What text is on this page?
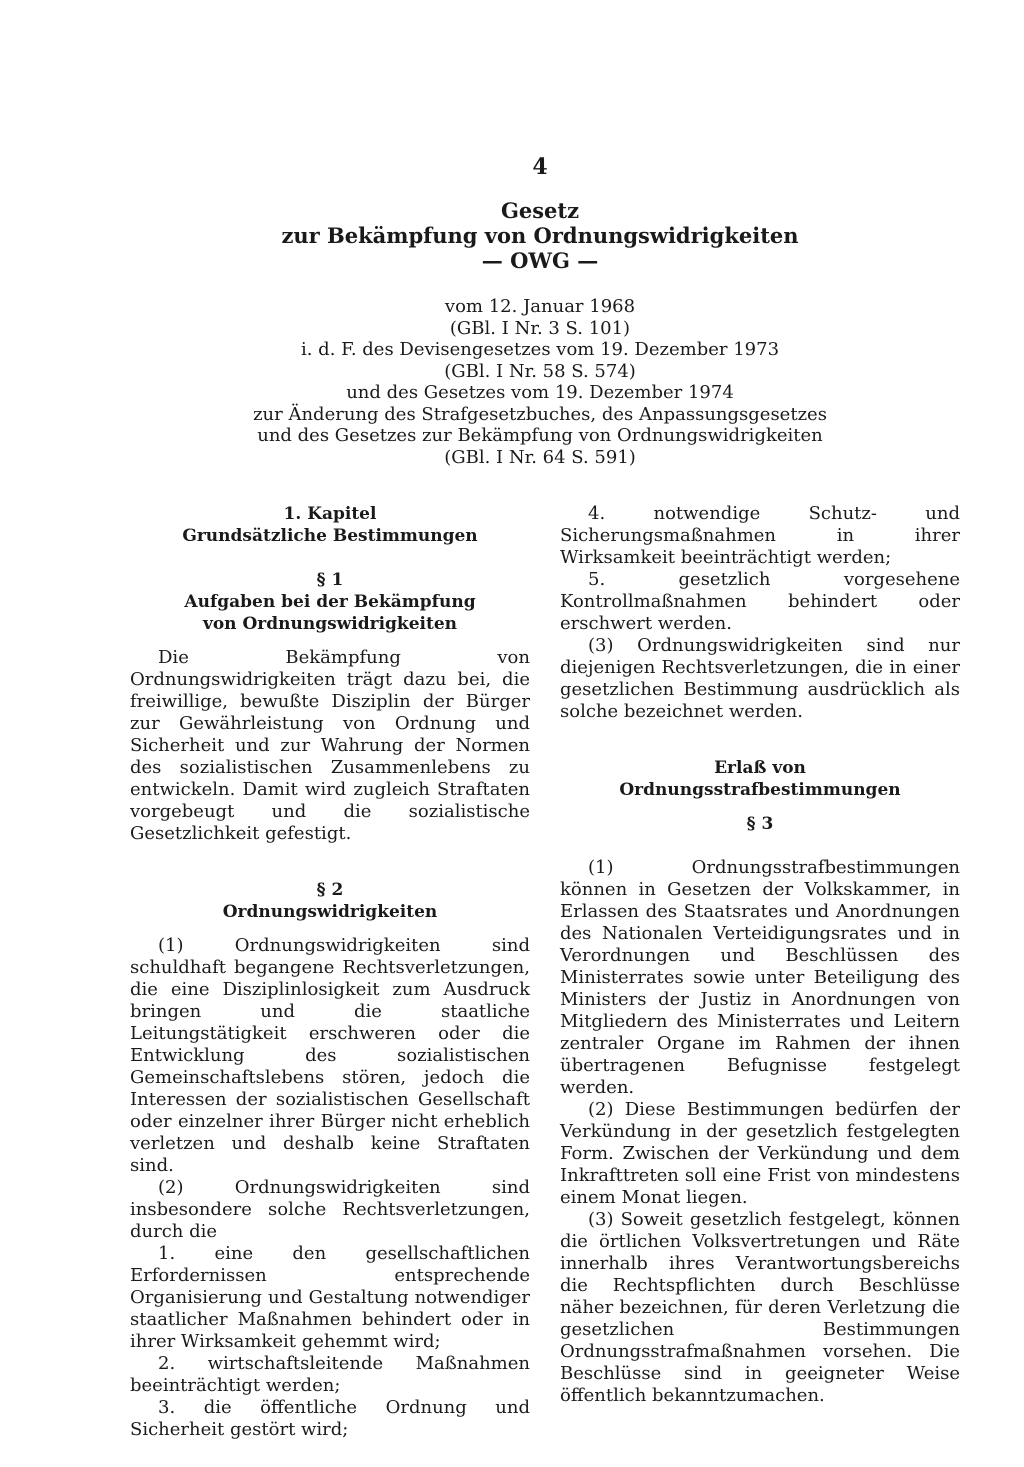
4
Gesetz
zur Bekämpfung von Ordnungswidrigkeiten
— OWG —
vom 12. Januar 1968
(GBl. I Nr. 3 S. 101)
i. d. F. des Devisengesetzes vom 19. Dezember 1973
(GBl. I Nr. 58 S. 574)
und des Gesetzes vom 19. Dezember 1974
zur Änderung des Strafgesetzbuches, des Anpassungsgesetzes
und des Gesetzes zur Bekämpfung von Ordnungswidrigkeiten
(GBl. I Nr. 64 S. 591)
1. Kapitel
Grundsätzliche Bestimmungen
§ 1
Aufgaben bei der Bekämpfung
von Ordnungswidrigkeiten

Die Bekämpfung von Ordnungswidrigkeiten trägt dazu bei, die freiwillige, bewußte Disziplin der Bürger zur Gewährleistung von Ordnung und Sicherheit und zur Wahrung der Normen des sozialistischen Zusammenlebens zu entwickeln. Damit wird zugleich Straftaten vorgebeugt und die sozialistische Gesetzlichkeit gefestigt.

§ 2
Ordnungswidrigkeiten

(1) Ordnungswidrigkeiten sind schuldhaft begangene Rechtsverletzungen, die eine Disziplinlosigkeit zum Ausdruck bringen und die staatliche Leitungstätigkeit erschweren oder die Entwicklung des sozialistischen Gemeinschaftslebens stören, jedoch die Interessen der sozialistischen Gesellschaft oder einzelner ihrer Bürger nicht erheblich verletzen und deshalb keine Straftaten sind.

(2) Ordnungswidrigkeiten sind insbesondere solche Rechtsverletzungen, durch die

1. eine den gesellschaftlichen Erfordernissen entsprechende Organisierung und Gestaltung notwendiger staatlicher Maßnahmen behindert oder in ihrer Wirksamkeit gehemmt wird;

2. wirtschaftsleitende Maßnahmen beeinträchtigt werden;

3. die öffentliche Ordnung und Sicherheit gestört wird;

4. notwendige Schutz- und Sicherungsmaßnahmen in ihrer Wirksamkeit beeinträchtigt werden;

5. gesetzlich vorgesehene Kontrollmaßnahmen behindert oder erschwert werden.

(3) Ordnungswidrigkeiten sind nur diejenigen Rechtsverletzungen, die in einer gesetzlichen Bestimmung ausdrücklich als solche bezeichnet werden.

Erlaß von
Ordnungsstrafbestimmungen
§ 3

(1) Ordnungsstrafbestimmungen können in Gesetzen der Volkskammer, in Erlassen des Staatsrates und Anordnungen des Nationalen Verteidigungsrates und in Verordnungen und Beschlüssen des Ministerrates sowie unter Beteiligung des Ministers der Justiz in Anordnungen von Mitgliedern des Ministerrates und Leitern zentraler Organe im Rahmen der ihnen übertragenen Befugnisse festgelegt werden.

(2) Diese Bestimmungen bedürfen der Verkündung in der gesetzlich festgelegten Form. Zwischen der Verkündung und dem Inkrafttreten soll eine Frist von mindestens einem Monat liegen.

(3) Soweit gesetzlich festgelegt, können die örtlichen Volksvertretungen und Räte innerhalb ihres Verantwortungsbereichs die Rechtspflichten durch Beschlüsse näher bezeichnen, für deren Verletzung die gesetzlichen Bestimmungen Ordnungsstrafmaßnahmen vorsehen. Die Beschlüsse sind in geeigneter Weise öffentlich bekanntzumachen.
